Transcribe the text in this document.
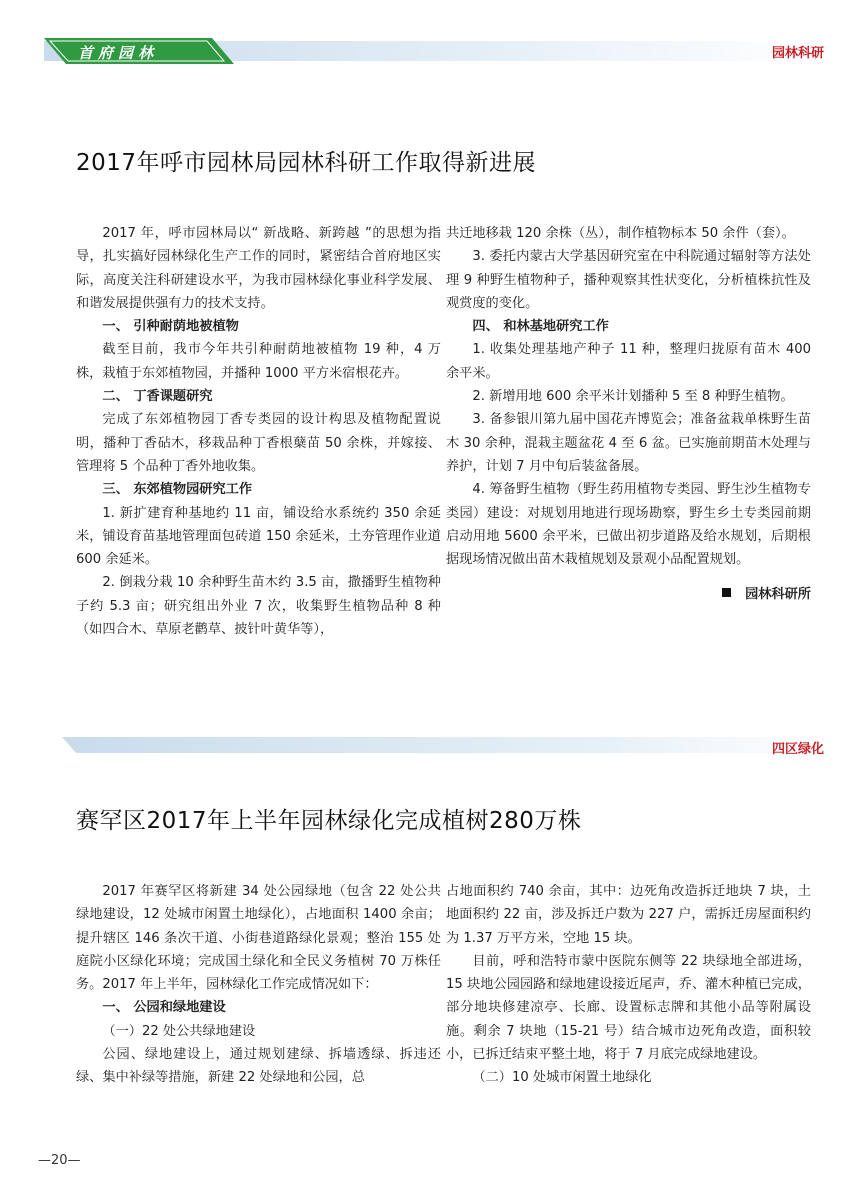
首府园林	园林科研
2017年呼市园林局园林科研工作取得新进展

2017 年，呼市园林局以“ 新战略、新跨越 ”的思想为指导，扎实搞好园林绿化生产工作的同时，紧密结合首府地区实际，高度关注科研建设水平，为我市园林绿化事业科学发展、和谐发展提供强有力的技术支持。

一、 引种耐荫地被植物

截至目前，我市今年共引种耐荫地被植物 19 种，4 万株，栽植于东郊植物园，并播种 1000 平方米宿根花卉。

二、 丁香课题研究

完成了东郊植物园丁香专类园的设计构思及植物配置说明，播种丁香砧木，移栽品种丁香根蘖苗 50 余株，并嫁接、管理将 5 个品种丁香外地收集。

三、 东郊植物园研究工作

1. 新扩建育种基地约 11 亩，铺设给水系统约 350 余延米，铺设育苗基地管理面包砖道 150 余延米，土夯管理作业道 600 余延米。

2. 倒栽分栽 10 余种野生苗木约 3.5 亩，撒播野生植物种子约 5.3 亩；研究组出外业 7 次，收集野生植物品种 8 种（如四合木、草原老鹳草、披针叶黄华等），

共迁地移栽 120 余株（丛），制作植物标本 50 余件（套）。

3. 委托内蒙古大学基因研究室在中科院通过辐射等方法处理 9 种野生植物种子，播种观察其性状变化，分析植株抗性及观赏度的变化。

四、 和林基地研究工作

1. 收集处理基地产种子 11 种，整理归拢原有苗木 400 余平米。

2. 新增用地 600 余平米计划播种 5 至 8 种野生植物。

3. 备参银川第九届中国花卉博览会；准备盆栽单株野生苗木 30 余种，混栽主题盆花 4 至 6 盆。已实施前期苗木处理与养护，计划 7 月中旬后装盆备展。

4. 筹备野生植物（野生药用植物专类园、野生沙生植物专类园）建设：对规划用地进行现场勘察，野生乡土专类园前期启动用地 5600 余平米，已做出初步道路及给水规划，后期根据现场情况做出苗木栽植规划及景观小品配置规划。

园林科研所

四区绿化
赛罕区2017年上半年园林绿化完成植树280万株

2017 年赛罕区将新建 34 处公园绿地（包含 22 处公共绿地建设，12 处城市闲置土地绿化），占地面积 1400 余亩；提升辖区 146 条次干道、小街巷道路绿化景观；整治 155 处庭院小区绿化环境；完成国土绿化和全民义务植树 70 万株任务。2017 年上半年，园林绿化工作完成情况如下：

一、 公园和绿地建设

（一）22 处公共绿地建设

公园、绿地建设上，通过规划建绿、拆墙透绿、拆违还绿、集中补绿等措施，新建 22 处绿地和公园，总

占地面积约 740 余亩，其中：边死角改造拆迁地块 7 块，土地面积约 22 亩，涉及拆迁户数为 227 户，需拆迁房屋面积约为 1.37 万平方米，空地 15 块。

目前，呼和浩特市蒙中医院东侧等 22 块绿地全部进场，15 块地公园园路和绿地建设接近尾声，乔、灌木种植已完成，部分地块修建凉亭、长廊、设置标志牌和其他小品等附属设施。剩余 7 块地（15-21 号）结合城市边死角改造，面积较小，已拆迁结束平整土地，将于 7 月底完成绿地建设。

（二）10 处城市闲置土地绿化

—20—
